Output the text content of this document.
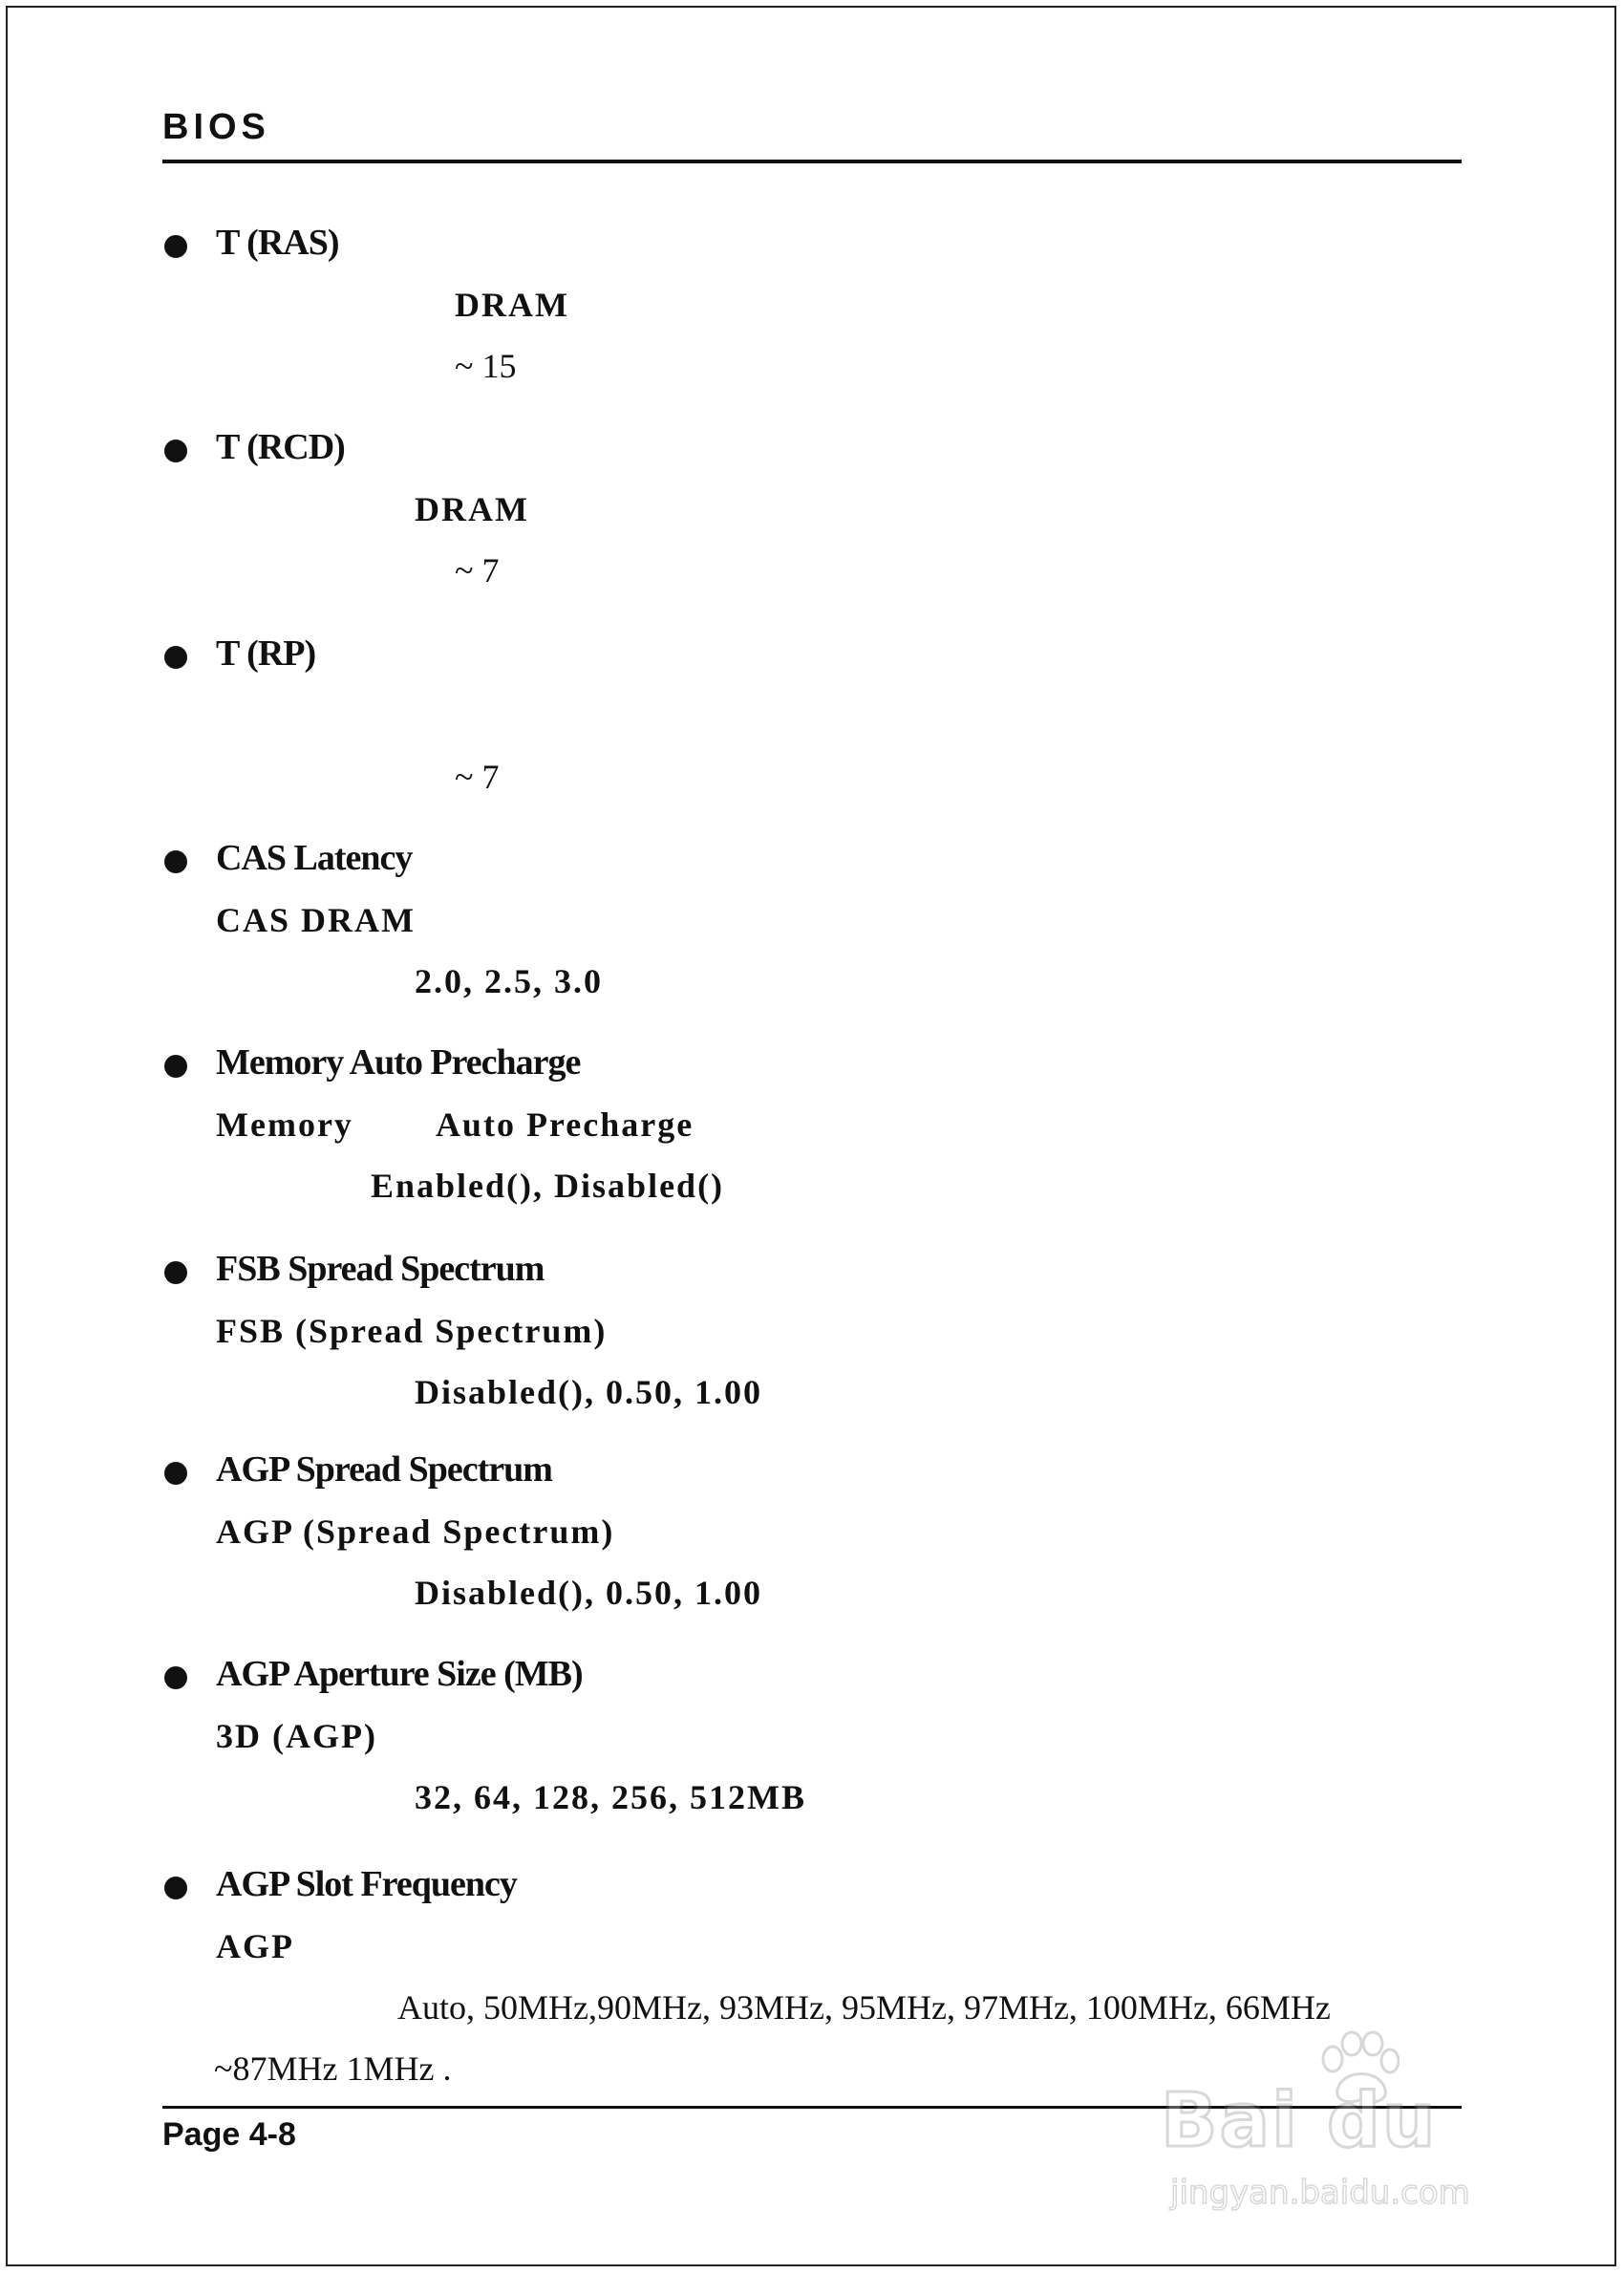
BIOS
T (RAS)
DRAM
~ 15
T (RCD)
DRAM
~ 7
T (RP)
~ 7
CAS Latency
CAS DRAM
2.0, 2.5, 3.0
Memory Auto Precharge
Memory        Auto Precharge
Enabled(), Disabled()
FSB Spread Spectrum
FSB (Spread Spectrum)
Disabled(), 0.50, 1.00
AGP Spread Spectrum
AGP (Spread Spectrum)
Disabled(), 0.50, 1.00
AGP Aperture Size (MB)
3D (AGP)
32, 64, 128, 256, 512MB
AGP Slot Frequency
AGP
Auto, 50MHz,90MHz, 93MHz, 95MHz, 97MHz, 100MHz, 66MHz
~87MHz 1MHz .
Page 4-8	Bai du
jingyan.baidu.com
